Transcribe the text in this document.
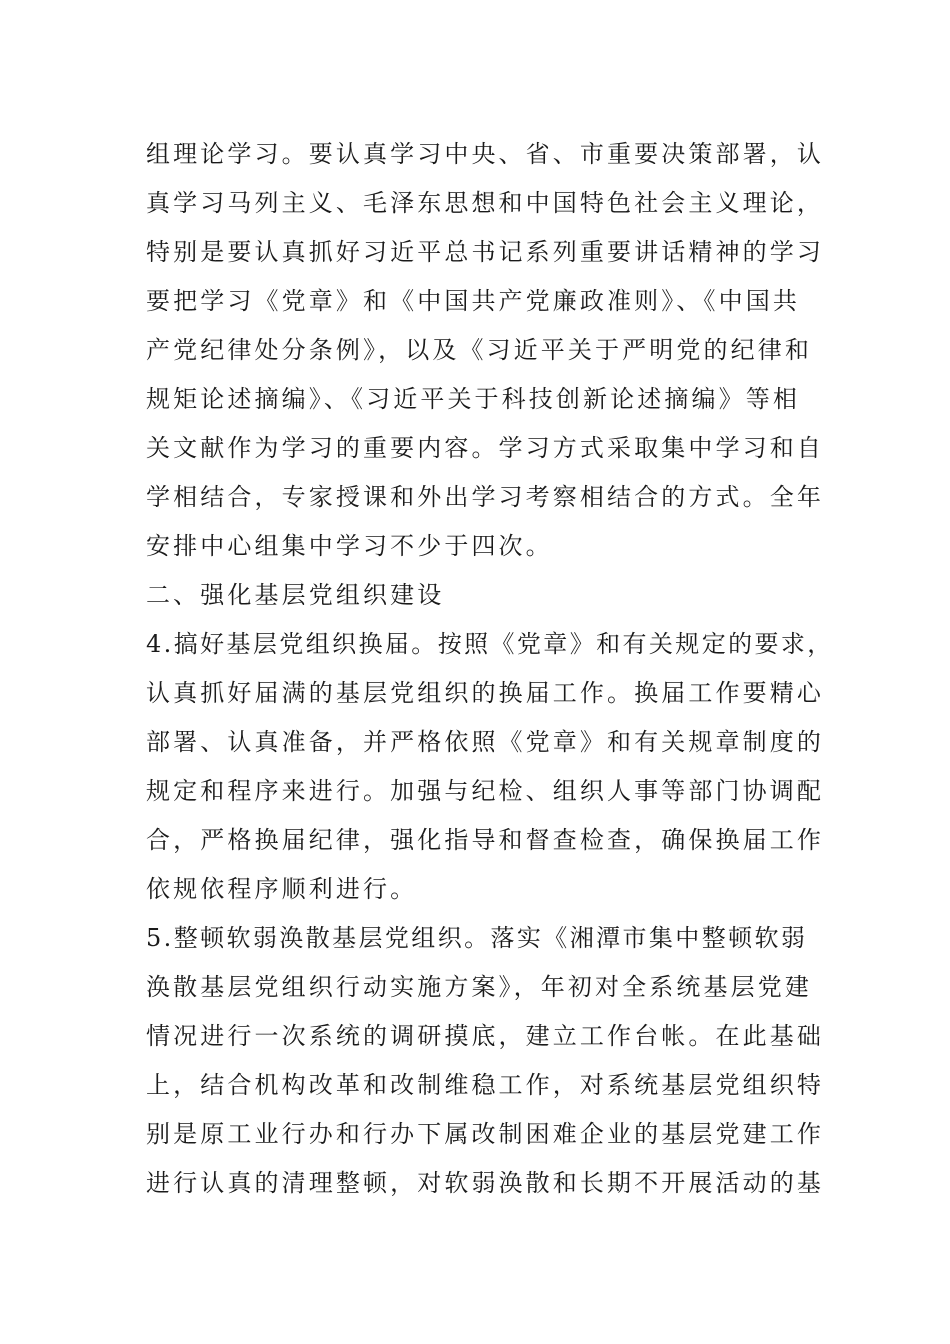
组理论学习。要认真学习中央、省、市重要决策部署，认
真学习马列主义、毛泽东思想和中国特色社会主义理论，
特别是要认真抓好习近平总书记系列重要讲话精神的学习
要把学习《党章》和《中国共产党廉政准则》、《中国共
产党纪律处分条例》，以及《习近平关于严明党的纪律和
规矩论述摘编》、《习近平关于科技创新论述摘编》等相
关文献作为学习的重要内容。学习方式采取集中学习和自
学相结合，专家授课和外出学习考察相结合的方式。全年
安排中心组集中学习不少于四次。
二、强化基层党组织建设
4.搞好基层党组织换届。按照《党章》和有关规定的要求，
认真抓好届满的基层党组织的换届工作。换届工作要精心
部署、认真准备，并严格依照《党章》和有关规章制度的
规定和程序来进行。加强与纪检、组织人事等部门协调配
合，严格换届纪律，强化指导和督查检查，确保换届工作
依规依程序顺利进行。
5.整顿软弱涣散基层党组织。落实《湘潭市集中整顿软弱
涣散基层党组织行动实施方案》，年初对全系统基层党建
情况进行一次系统的调研摸底，建立工作台帐。在此基础
上，结合机构改革和改制维稳工作，对系统基层党组织特
别是原工业行办和行办下属改制困难企业的基层党建工作
进行认真的清理整顿，对软弱涣散和长期不开展活动的基
